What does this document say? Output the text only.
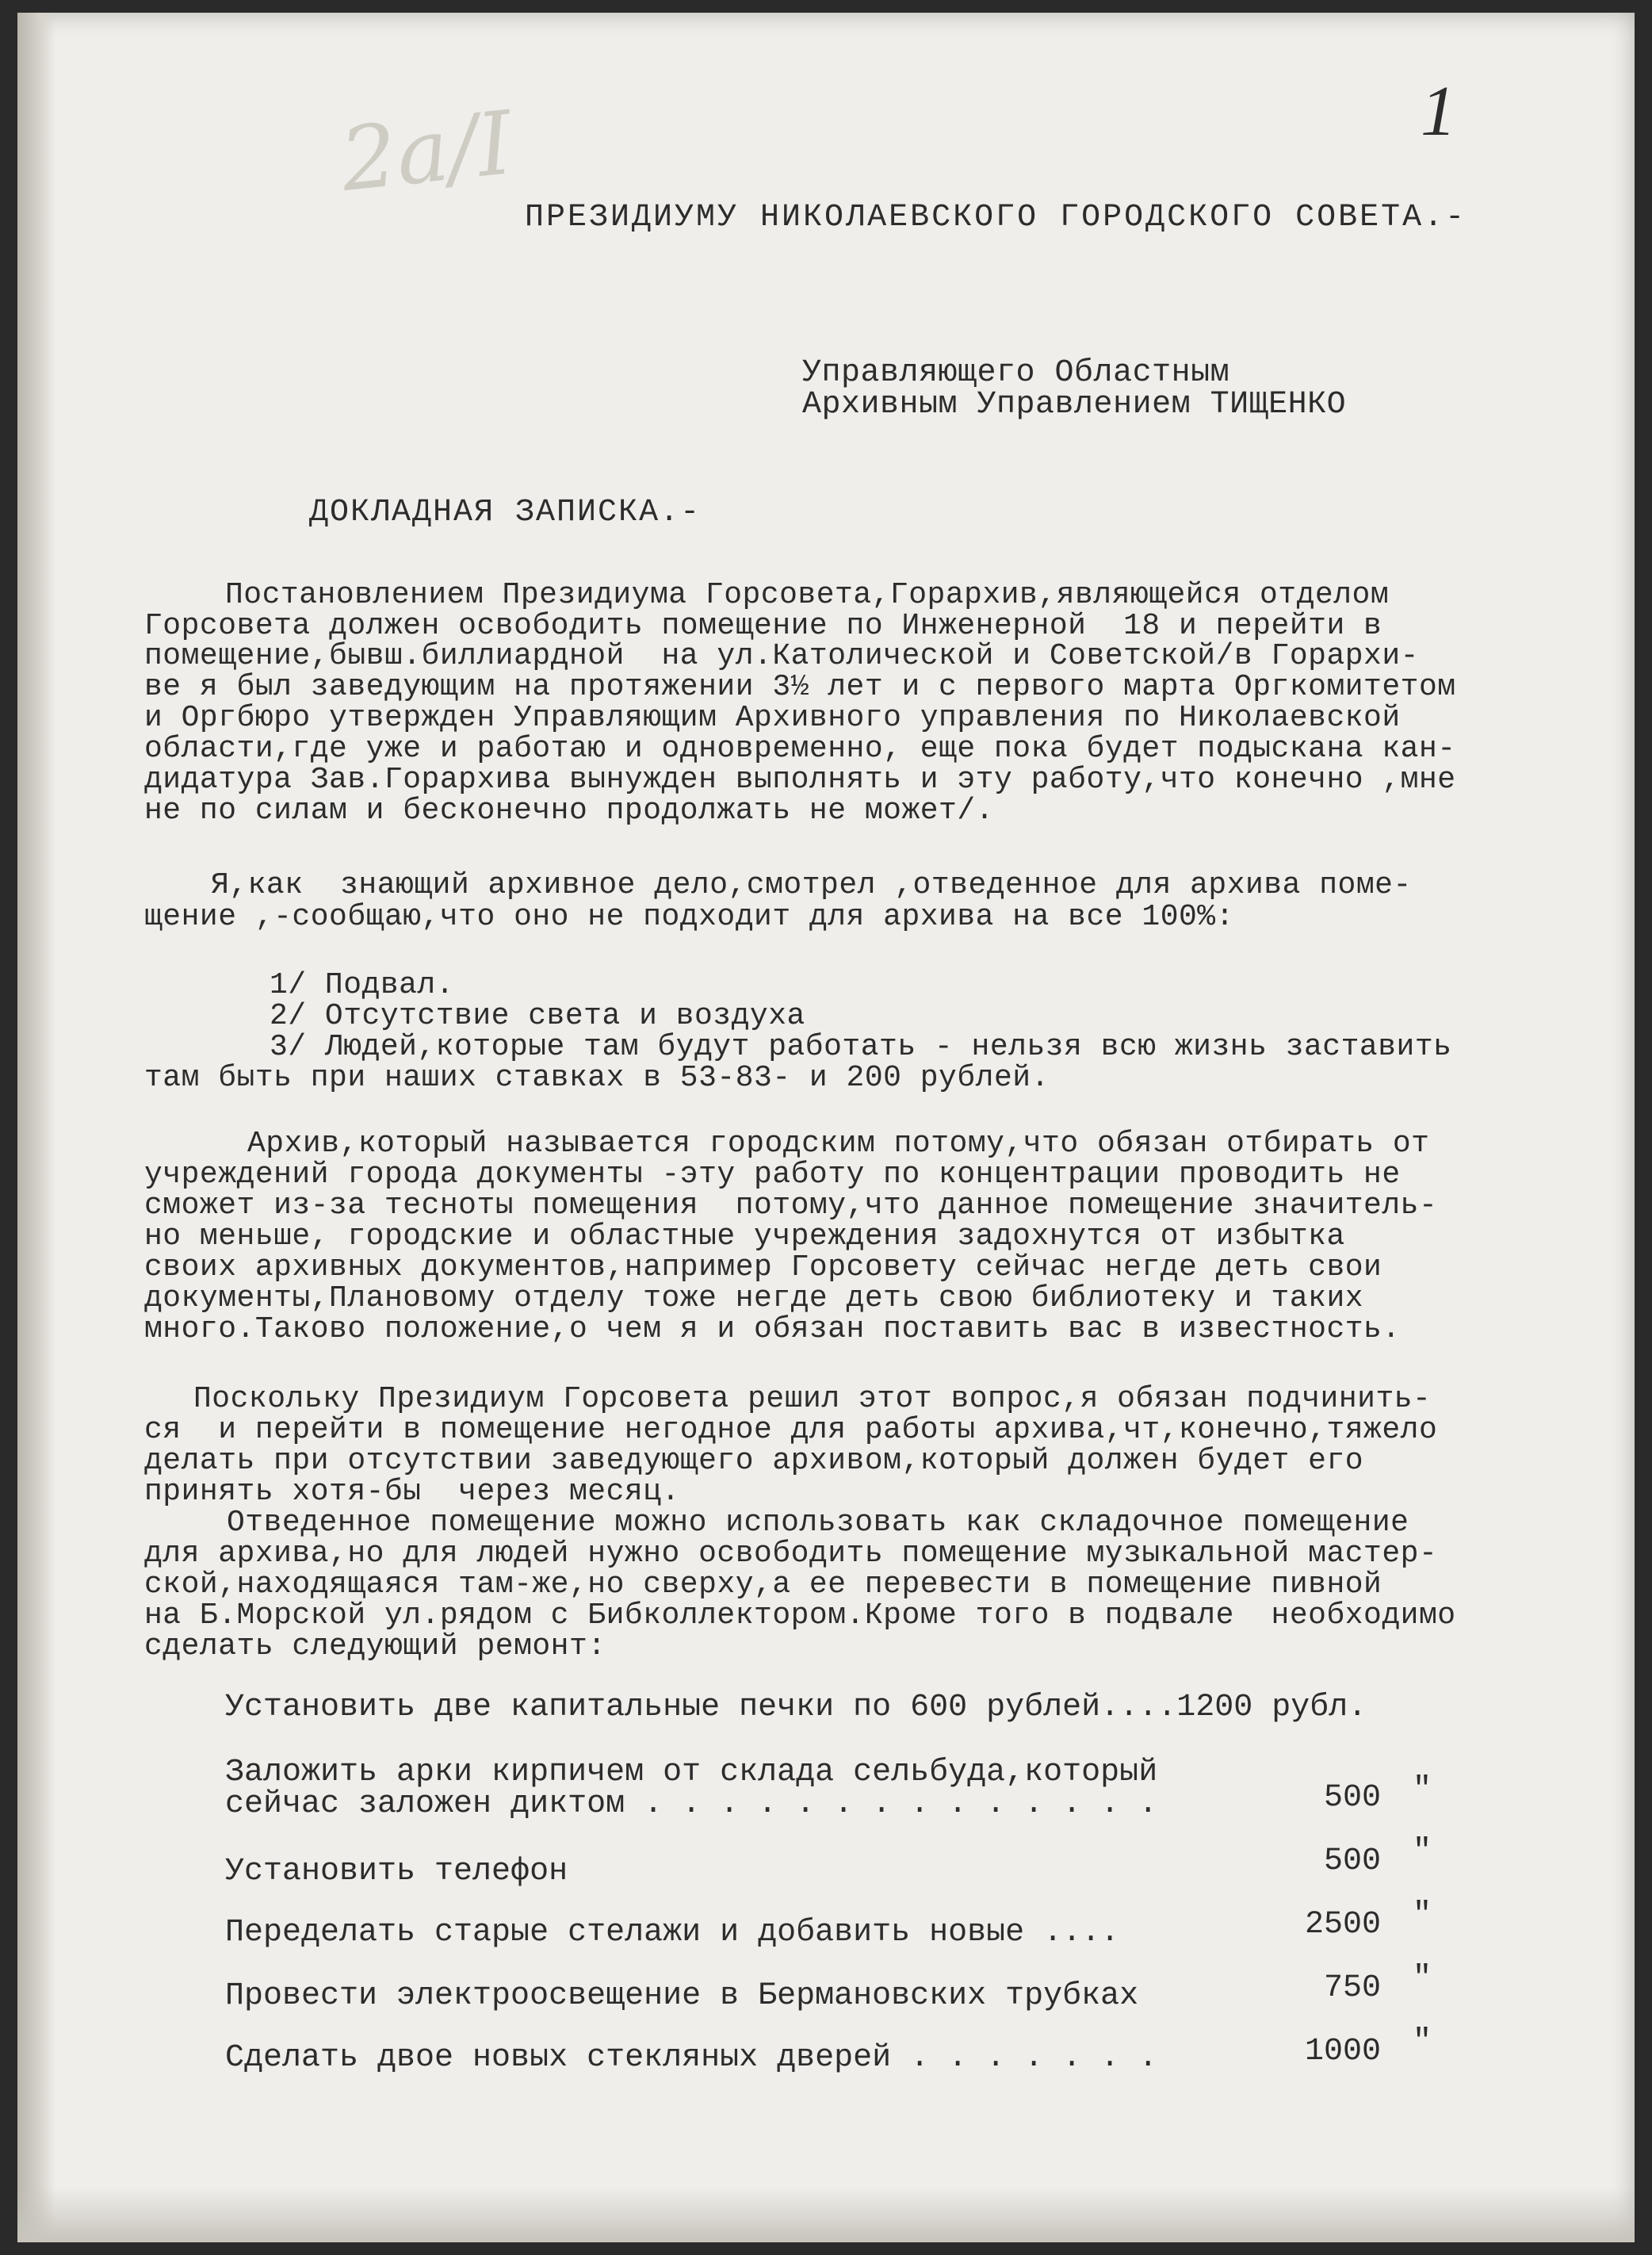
2а/I	1
ПРЕЗИДИУМУ НИКОЛАЕВСКОГО ГОРОДСКОГО СОВЕТА.-
Управляющего Областным
Архивным Управлением ТИЩЕНКО
ДОКЛАДНАЯ ЗАПИСКА.-
Постановлением Президиума Горсовета,Горархив,являющейся отделом
Горсовета должен освободить помещение по Инженерной  18 и перейти в
помещение,бывш.биллиардной  на ул.Католической и Советской/в Горархи-
ве я был заведующим на протяжении 3½ лет и с первого марта Оргкомитетом
и Оргбюро утвержден Управляющим Архивного управления по Николаевской
области,где уже и работаю и одновременно, еще пока будет подыскана кан-
дидатура Зав.Горархива вынужден выполнять и эту работу,что конечно ,мне
не по силам и бесконечно продолжать не может/.
Я,как  знающий архивное дело,смотрел ,отведенное для архива поме-
щение ,-сообщаю,что оно не подходит для архива на все 100%:
1/ Подвал.
2/ Отсутствие света и воздуха
3/ Людей,которые там будут работать - нельзя всю жизнь заставить
там быть при наших ставках в 53-83- и 200 рублей.
Архив,который называется городским потому,что обязан отбирать от
учреждений города документы -эту работу по концентрации проводить не
сможет из-за тесноты помещения  потому,что данное помещение значитель-
но меньше, городские и областные учреждения задохнутся от избытка
своих архивных документов,например Горсовету сейчас негде деть свои
документы,Плановому отделу тоже негде деть свою библиотеку и таких
много.Таково положение,о чем я и обязан поставить вас в известность.
Поскольку Президиум Горсовета решил этот вопрос,я обязан подчинить-
ся  и перейти в помещение негодное для работы архива,чт,конечно,тяжело
делать при отсутствии заведующего архивом,который должен будет его
принять хотя-бы  через месяц.
Отведенное помещение можно использовать как складочное помещение
для архива,но для людей нужно освободить помещение музыкальной мастер-
ской,находящаяся там-же,но сверху,а ее перевести в помещение пивной
на Б.Морской ул.рядом с Бибколлектором.Кроме того в подвале  необходимо
сделать следующий ремонт:
Установить две капитальные печки по 600 рублей....1200 рубл.
Заложить арки кирпичем от склада сельбуда,который
сейчас заложен диктом . . . . . . . . . . . . . .	500 "
Установить телефон	500 "
Переделать старые стелажи и добавить новые ....	2500 "
Провести электроосвещение в Бермановских трубках	750 "
Сделать двое новых стекляных дверей . . . . . . .	1000 "
